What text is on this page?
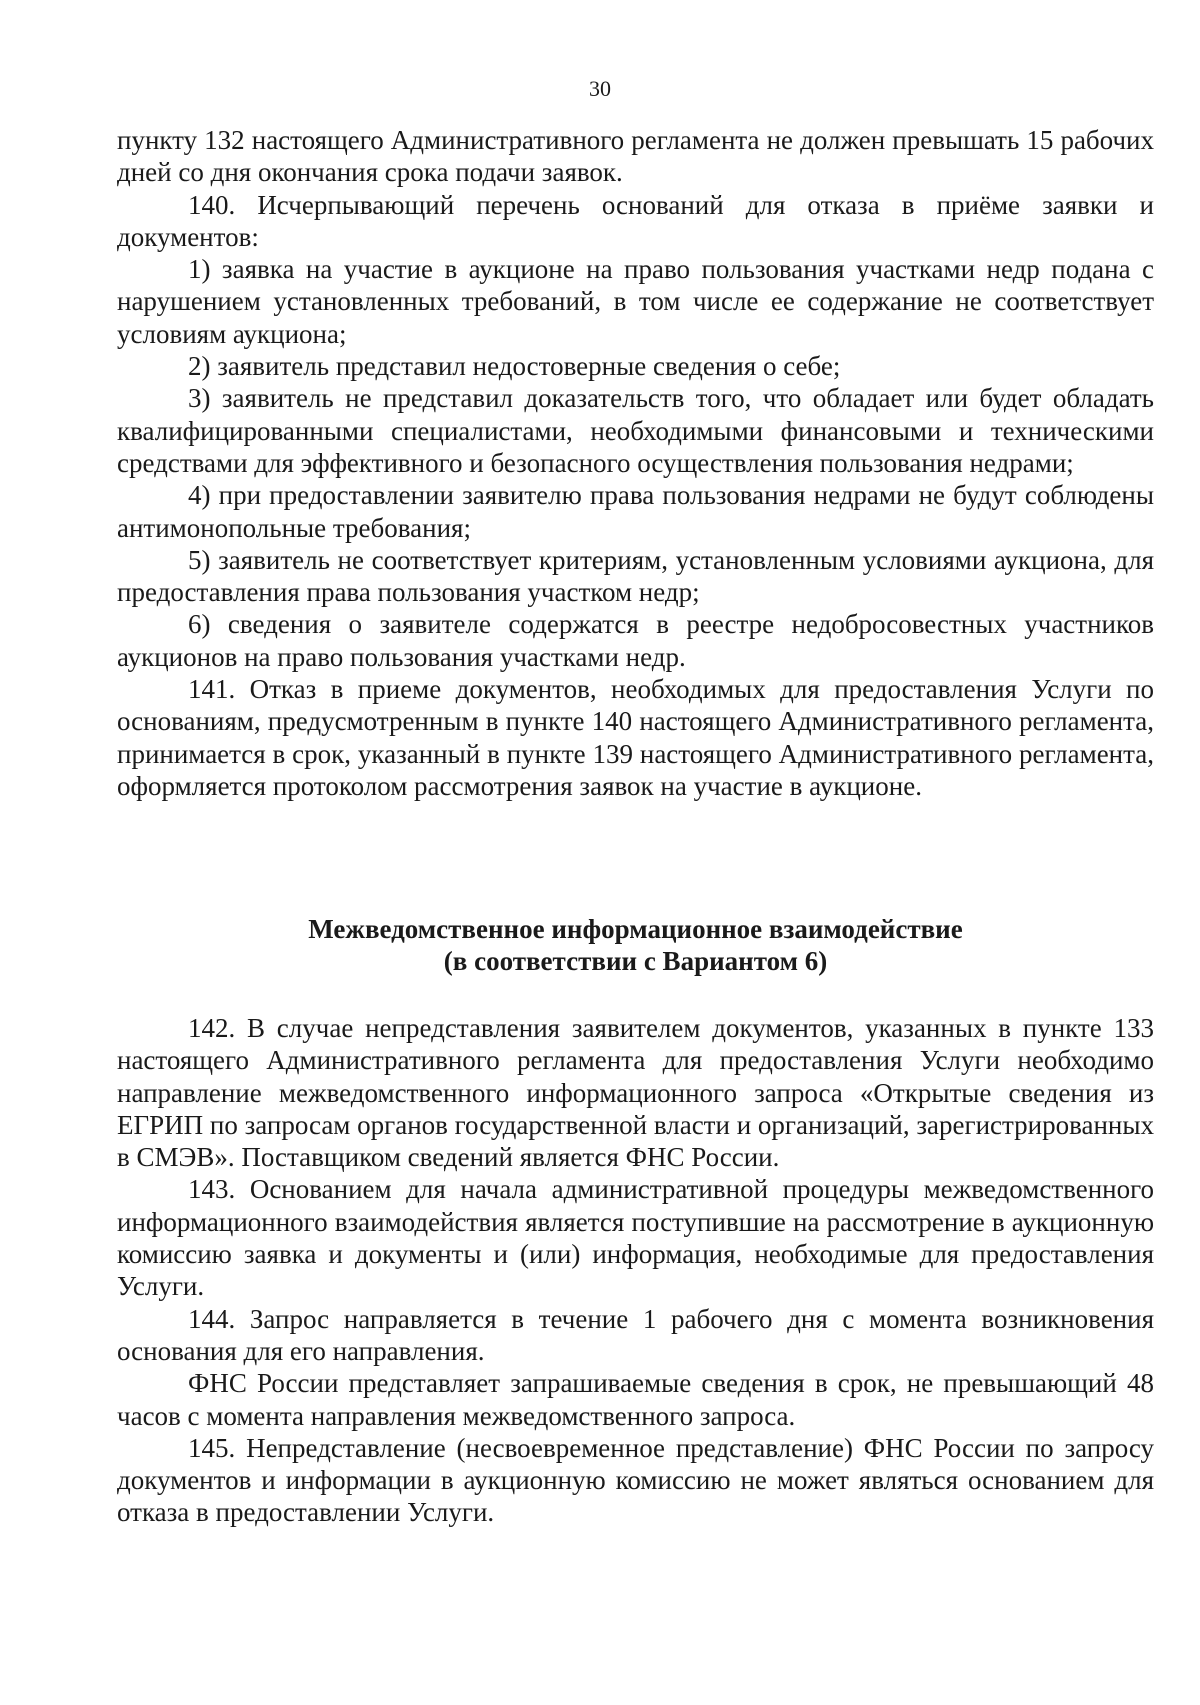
30

пункту 132 настоящего Административного регламента не должен превышать 15 рабочих дней со дня окончания срока подачи заявок.

140. Исчерпывающий перечень оснований для отказа в приёме заявки и документов:

1) заявка на участие в аукционе на право пользования участками недр подана с нарушением установленных требований, в том числе ее содержание не соответствует условиям аукциона;

2) заявитель представил недостоверные сведения о себе;

3) заявитель не представил доказательств того, что обладает или будет обладать квалифицированными специалистами, необходимыми финансовыми и техническими средствами для эффективного и безопасного осуществления пользования недрами;

4) при предоставлении заявителю права пользования недрами не будут соблюдены антимонопольные требования;

5) заявитель не соответствует критериям, установленным условиями аукциона, для предоставления права пользования участком недр;

6) сведения о заявителе содержатся в реестре недобросовестных участников аукционов на право пользования участками недр.

141. Отказ в приеме документов, необходимых для предоставления Услуги по основаниям, предусмотренным в пункте 140 настоящего Административного регламента, принимается в срок, указанный в пункте 139 настоящего Административного регламента, оформляется протоколом рассмотрения заявок на участие в аукционе.

Межведомственное информационное взаимодействие
(в соответствии с Вариантом 6)

142. В случае непредставления заявителем документов, указанных в пункте 133 настоящего Административного регламента для предоставления Услуги необходимо направление межведомственного информационного запроса «Открытые сведения из ЕГРИП по запросам органов государственной власти и организаций, зарегистрированных в СМЭВ». Поставщиком сведений является ФНС России.

143. Основанием для начала административной процедуры межведомственного информационного взаимодействия является поступившие на рассмотрение в аукционную комиссию заявка и документы и (или) информация, необходимые для предоставления Услуги.

144. Запрос направляется в течение 1 рабочего дня с момента возникновения основания для его направления.

ФНС России представляет запрашиваемые сведения в срок, не превышающий 48 часов с момента направления межведомственного запроса.

145. Непредставление (несвоевременное представление) ФНС России по запросу документов и информации в аукционную комиссию не может являться основанием для отказа в предоставлении Услуги.
